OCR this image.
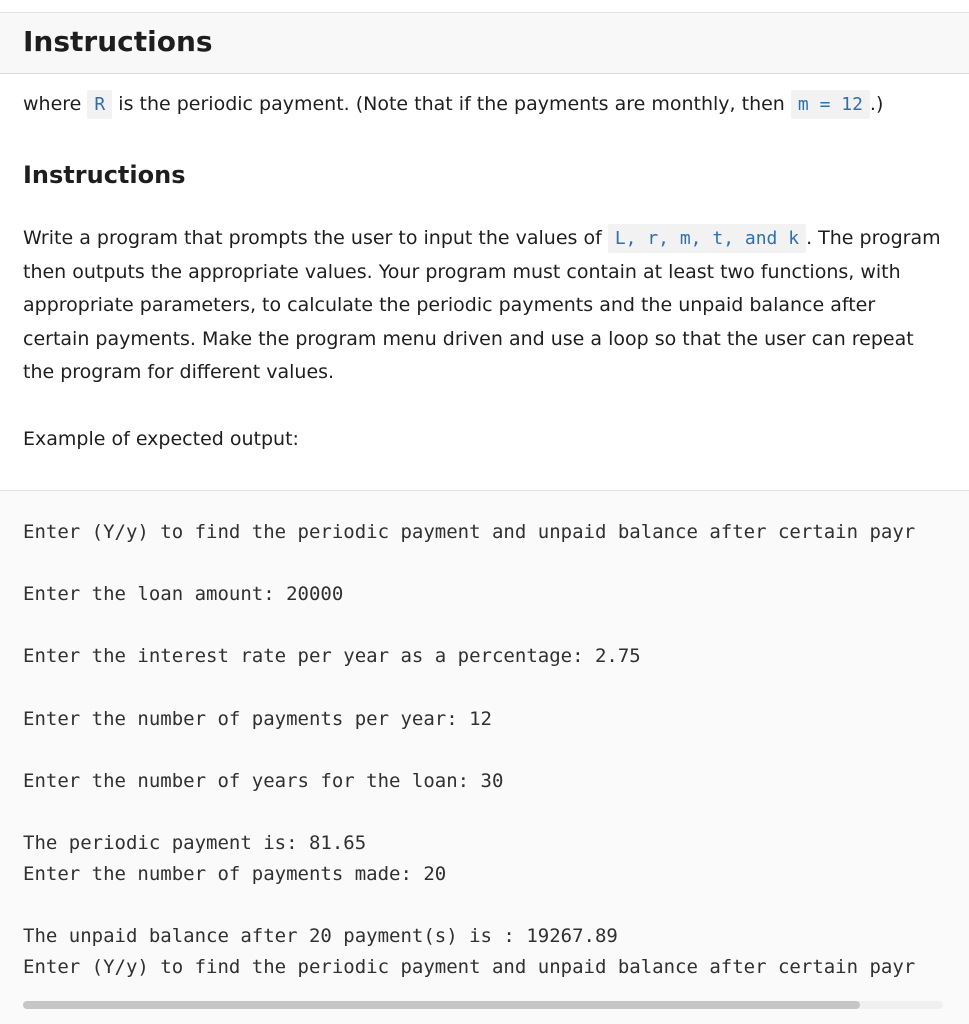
Instructions

where R is the periodic payment. (Note that if the payments are monthly, then m = 12 .)

Instructions

Write a program that prompts the user to input the values of L, r, m, t, and k . The program then outputs the appropriate values. Your program must contain at least two functions, with appropriate parameters, to calculate the periodic payments and the unpaid balance after certain payments. Make the program menu driven and use a loop so that the user can repeat the program for different values.

Example of expected output:

Enter (Y/y) to find the periodic payment and unpaid balance after certain payr

Enter the loan amount: 20000

Enter the interest rate per year as a percentage: 2.75

Enter the number of payments per year: 12

Enter the number of years for the loan: 30

The periodic payment is: 81.65
Enter the number of payments made: 20

The unpaid balance after 20 payment(s) is : 19267.89
Enter (Y/y) to find the periodic payment and unpaid balance after certain payr
